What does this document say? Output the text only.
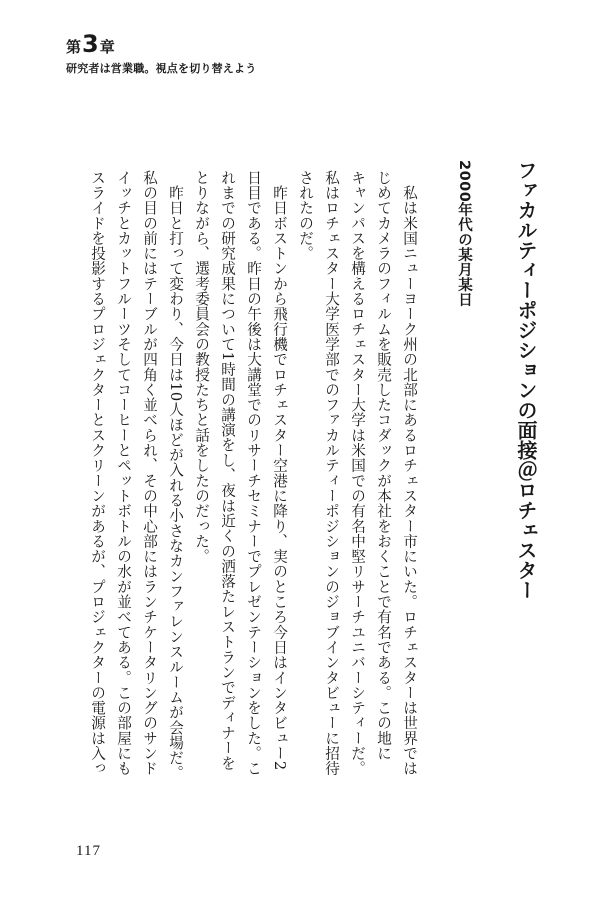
第3章
研究者は営業職。視点を切り替えよう
ファカルティーポジションの面接＠ロチェスター
2000年代の某月某日
　私は米国ニューヨーク州の北部にあるロチェスター市にいた。ロチェスターは世界では
じめてカメラのフィルムを販売したコダックが本社をおくことで有名である。この地に
キャンパスを構えるロチェスター大学は米国での有名中堅リサーチユニバーシティーだ。
私はロチェスター大学医学部でのファカルティーポジションのジョブインタビューに招待
されたのだ。
　昨日ボストンから飛行機でロチェスター空港に降り、実のところ今日はインタビュー2
日目である。昨日の午後は大講堂でのリサーチセミナーでプレゼンテーションをした。こ
れまでの研究成果について1時間の講演をし、夜は近くの洒落たレストランでディナーを
とりながら、選考委員会の教授たちと話をしたのだった。
　昨日と打って変わり、今日は10人ほどが入れる小さなカンファレンスルームが会場だ。
私の目の前にはテーブルが四角く並べられ、その中心部にはランチケータリングのサンド
イッチとカットフルーツそしてコーヒーとペットボトルの水が並べてある。この部屋にも
スライドを投影するプロジェクターとスクリーンがあるが、プロジェクターの電源は入っ
117
